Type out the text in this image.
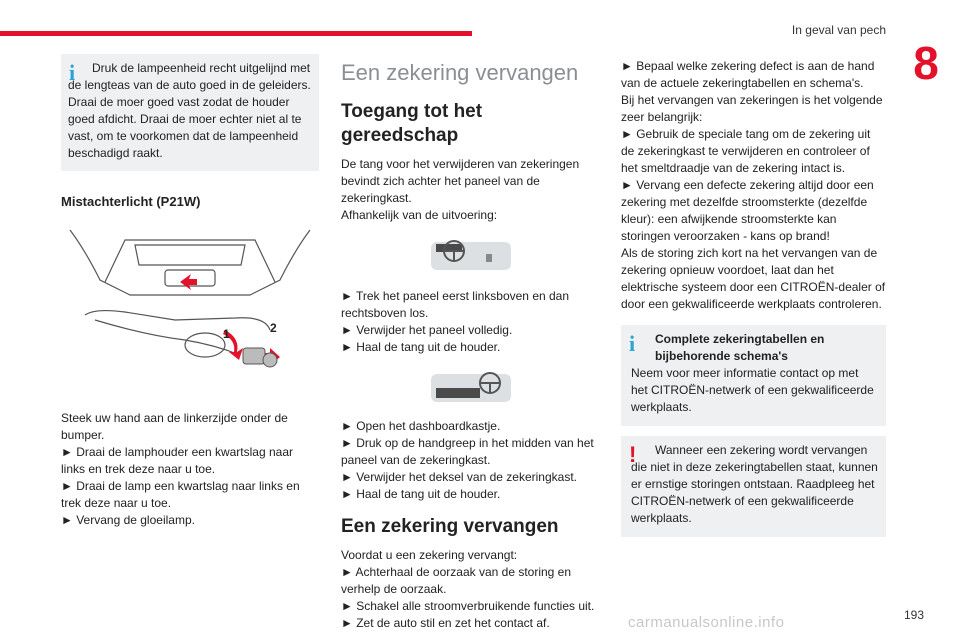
In geval van pech
8
i	Druk de lampeenheid recht uitgelijnd met de lengteas van de auto goed in de geleiders.

Draai de moer goed vast zodat de houder goed afdicht. Draai de moer echter niet al te vast, om te voorkomen dat de lampeenheid beschadigd raakt.

Mistachterlicht (P21W)
1	2

Steek uw hand aan de linkerzijde onder de bumper.

► Draai de lamphouder een kwartslag naar links en trek deze naar u toe.

► Draai de lamp een kwartslag naar links en trek deze naar u toe.

► Vervang de gloeilamp.

Een zekering vervangen
Toegang tot het gereedschap

De tang voor het verwijderen van zekeringen bevindt zich achter het paneel van de zekeringkast.

Afhankelijk van de uitvoering:

► Trek het paneel eerst linksboven en dan rechtsboven los.

► Verwijder het paneel volledig.

► Haal de tang uit de houder.

► Open het dashboardkastje.

► Druk op de handgreep in het midden van het paneel van de zekeringkast.

► Verwijder het deksel van de zekeringkast.

► Haal de tang uit de houder.

Een zekering vervangen

Voordat u een zekering vervangt:

► Achterhaal de oorzaak van de storing en verhelp de oorzaak.

► Schakel alle stroomverbruikende functies uit.

► Zet de auto stil en zet het contact af.

► Bepaal welke zekering defect is aan de hand van de actuele zekeringtabellen en schema's.

Bij het vervangen van zekeringen is het volgende zeer belangrijk:

► Gebruik de speciale tang om de zekering uit de zekeringkast te verwijderen en controleer of het smeltdraadje van de zekering intact is.

► Vervang een defecte zekering altijd door een zekering met dezelfde stroomsterkte (dezelfde kleur): een afwijkende stroomsterkte kan storingen veroorzaken - kans op brand!

Als de storing zich kort na het vervangen van de zekering opnieuw voordoet, laat dan het elektrische systeem door een CITROËN-dealer of door een gekwalificeerde werkplaats controleren.

i	Complete zekeringtabellen en bijbehorende schema's

Neem voor meer informatie contact op met het CITROËN-netwerk of een gekwalificeerde werkplaats.

!	Wanneer een zekering wordt vervangen die niet in deze zekeringtabellen staat, kunnen er ernstige storingen ontstaan. Raadpleeg het CITROËN-netwerk of een gekwalificeerde werkplaats.

193
carmanualsonline.info
